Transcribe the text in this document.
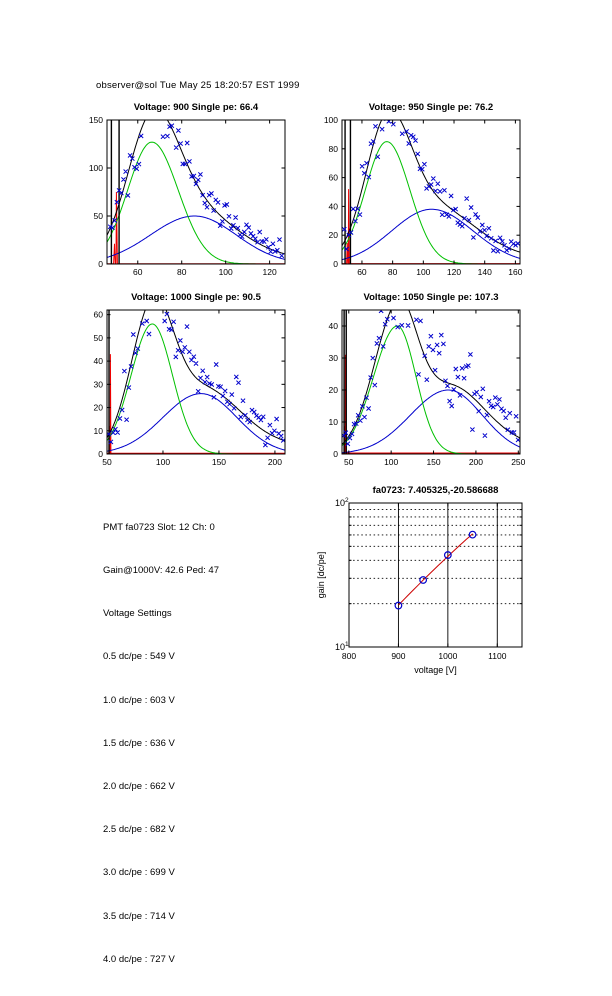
observer@sol Tue May 25 18:20:57 EST 1999
Voltage: 900 Single pe: 66.4
60	80	100	120
0
50
100
150
Voltage: 950 Single pe: 76.2
60 80 100 120 140 160
0
20
40
60
80
100
Voltage: 1000 Single pe: 90.5
50	100	150	200
0
10
20
30
40
50
60
Voltage: 1050 Single pe: 107.3
50	100	150	200	250
0
10
20
30
40
fa0723: 7.405325,-20.586688
800	900	1000	1100
$10^1$
$10^2$
voltage [V]
gain [dc/pe]

PMT fa0723 Slot: 12 Ch: 0

Gain@1000V: 42.6 Ped: 47

Voltage Settings

0.5 dc/pe : 549 V

1.0 dc/pe : 603 V

1.5 dc/pe : 636 V

2.0 dc/pe : 662 V

2.5 dc/pe : 682 V

3.0 dc/pe : 699 V

3.5 dc/pe : 714 V

4.0 dc/pe : 727 V
